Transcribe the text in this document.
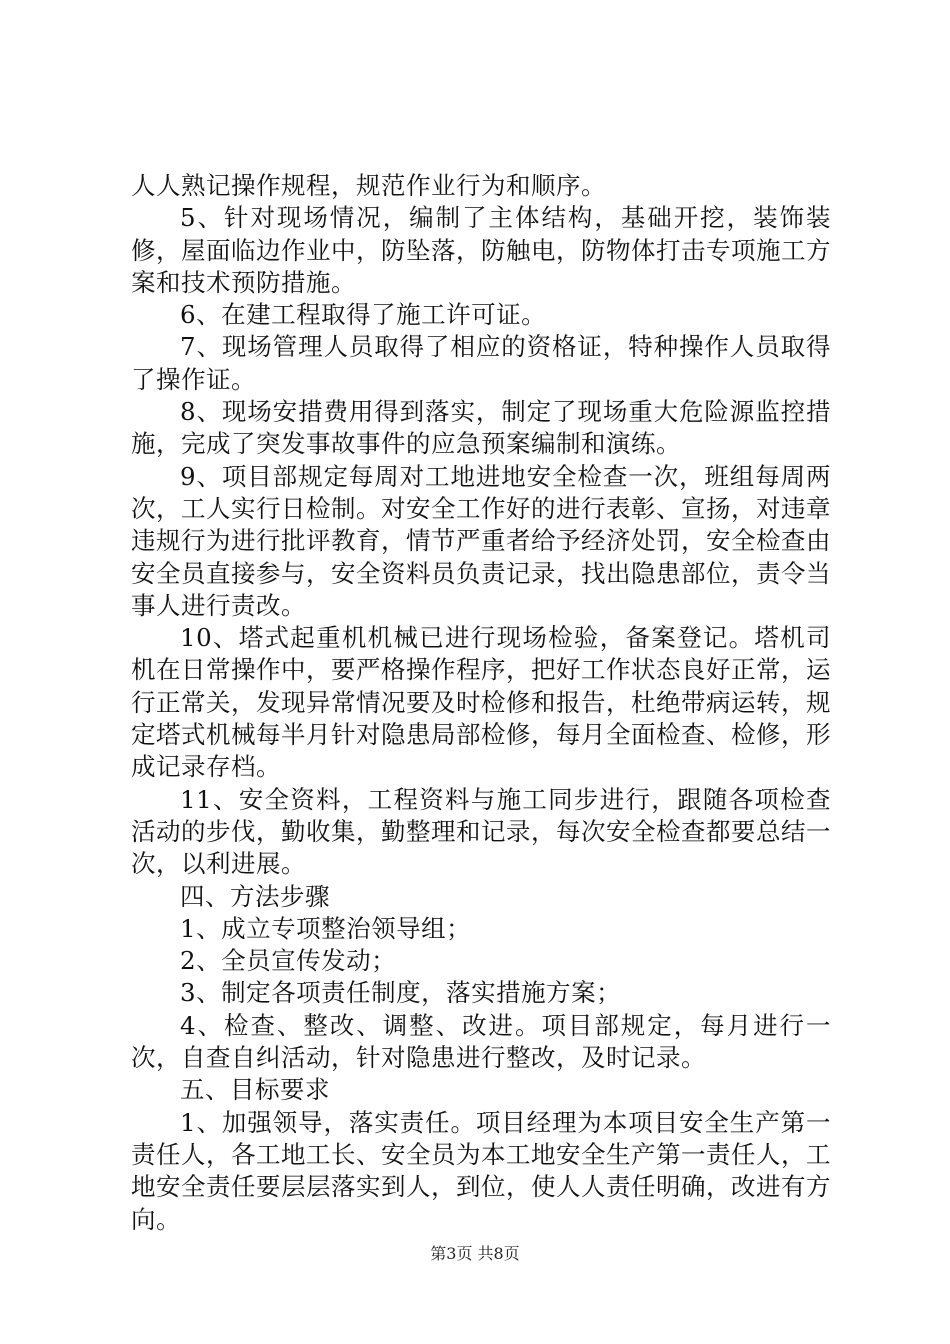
人人熟记操作规程，规范作业行为和顺序。

5、针对现场情况，编制了主体结构，基础开挖，装饰装修，屋面临边作业中，防坠落，防触电，防物体打击专项施工方案和技术预防措施。

6、在建工程取得了施工许可证。

7、现场管理人员取得了相应的资格证，特种操作人员取得了操作证。

8、现场安措费用得到落实，制定了现场重大危险源监控措施，完成了突发事故事件的应急预案编制和演练。

9、项目部规定每周对工地进地安全检查一次，班组每周两次，工人实行日检制。对安全工作好的进行表彰、宣扬，对违章违规行为进行批评教育，情节严重者给予经济处罚，安全检查由安全员直接参与，安全资料员负责记录，找出隐患部位，责令当事人进行责改。

10、塔式起重机机械已进行现场检验，备案登记。塔机司机在日常操作中，要严格操作程序，把好工作状态良好正常，运行正常关，发现异常情况要及时检修和报告，杜绝带病运转，规定塔式机械每半月针对隐患局部检修，每月全面检查、检修，形成记录存档。

11、安全资料，工程资料与施工同步进行，跟随各项检查活动的步伐，勤收集，勤整理和记录，每次安全检查都要总结一次，以利进展。

四、方法步骤

1、成立专项整治领导组；

2、全员宣传发动；

3、制定各项责任制度，落实措施方案；

4、检查、整改、调整、改进。项目部规定，每月进行一次，自查自纠活动，针对隐患进行整改，及时记录。

五、目标要求

1、加强领导，落实责任。项目经理为本项目安全生产第一责任人，各工地工长、安全员为本工地安全生产第一责任人，工地安全责任要层层落实到人，到位，使人人责任明确，改进有方向。

第3页 共8页
